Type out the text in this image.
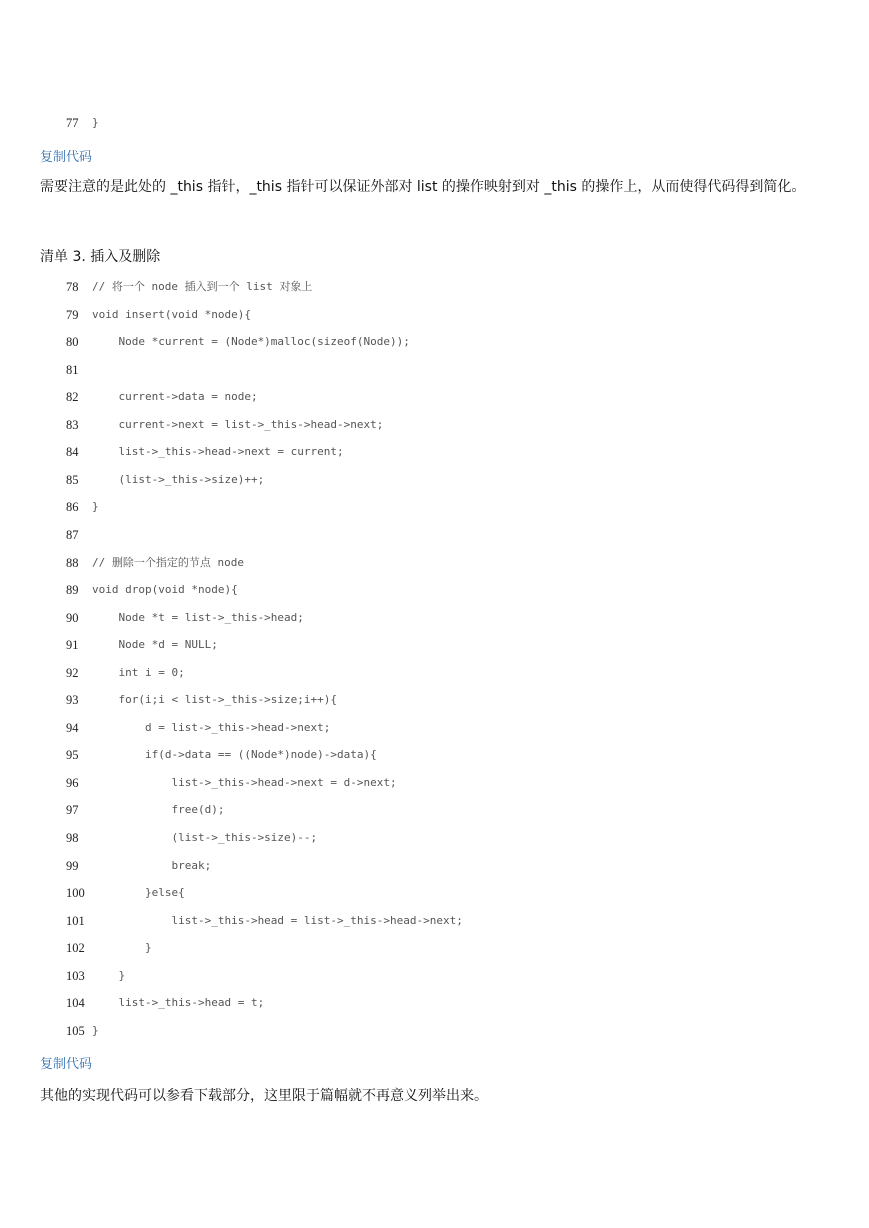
77 }
复制代码
需要注意的是此处的 _this 指针，_this 指针可以保证外部对 list 的操作映射到对 _this 的操作上，从而使得代码得到简化。
清单 3. 插入及删除
78 // 将一个 node 插入到一个 list 对象上
79 void insert(void *node){
80 Node *current = (Node*)malloc(sizeof(Node));
81
82 current->data = node;
83 current->next = list->_this->head->next;
84 list->_this->head->next = current;
85 (list->_this->size)++;
86 }
87
88 // 删除一个指定的节点 node
89 void drop(void *node){
90 Node *t = list->_this->head;
91 Node *d = NULL;
92 int i = 0;
93 for(i;i < list->_this->size;i++){
94 d = list->_this->head->next;
95 if(d->data == ((Node*)node)->data){
96 list->_this->head->next = d->next;
97 free(d);
98 (list->_this->size)--;
99 break;
100 }else{
101 list->_this->head = list->_this->head->next;
102 }
103 }
104 list->_this->head = t;
105 }
复制代码
其他的实现代码可以参看下载部分，这里限于篇幅就不再意义列举出来。
